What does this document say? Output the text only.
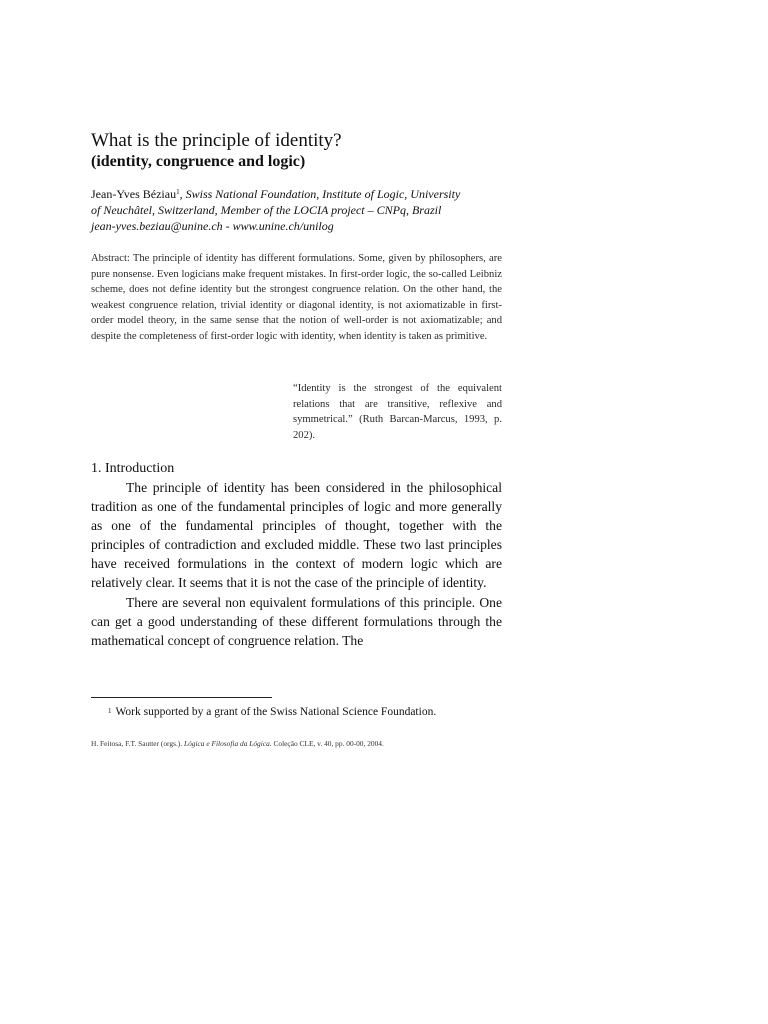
What is the principle of identity?
(identity, congruence and logic)
Jean-Yves Béziau$^1$, Swiss National Foundation, Institute of Logic, University
of Neuchâtel, Switzerland, Member of the LOCIA project – CNPq, Brazil
jean-yves.beziau@unine.ch - www.unine.ch/unilog

Abstract: The principle of identity has different formulations. Some, given by philosophers, are pure nonsense. Even logicians make frequent mistakes. In first-order logic, the so-called Leibniz scheme, does not define identity but the strongest congruence relation. On the other hand, the weakest congruence relation, trivial identity or diagonal identity, is not axiomatizable in first-order model theory, in the same sense that the notion of well-order is not axiomatizable; and despite the completeness of first-order logic with identity, when identity is taken as primitive.

“Identity is the strongest of the equivalent relations that are transitive, reflexive and symmetrical.” (Ruth Barcan-Marcus, 1993, p. 202).

1. Introduction

The principle of identity has been considered in the philosophical tradition as one of the fundamental principles of logic and more generally as one of the fundamental principles of thought, together with the principles of contradiction and excluded middle. These two last principles have received formulations in the context of modern logic which are relatively clear. It seems that it is not the case of the principle of identity.

There are several non equivalent formulations of this principle. One can get a good understanding of these different formulations through the mathematical concept of congruence relation. The

$^1$ Work supported by a grant of the Swiss National Science Foundation.

H. Feitosa, F.T. Sautter (orgs.). Lógica e Filosofia da Lógica. Coleção CLE, v. 40, pp. 00-00, 2004.
